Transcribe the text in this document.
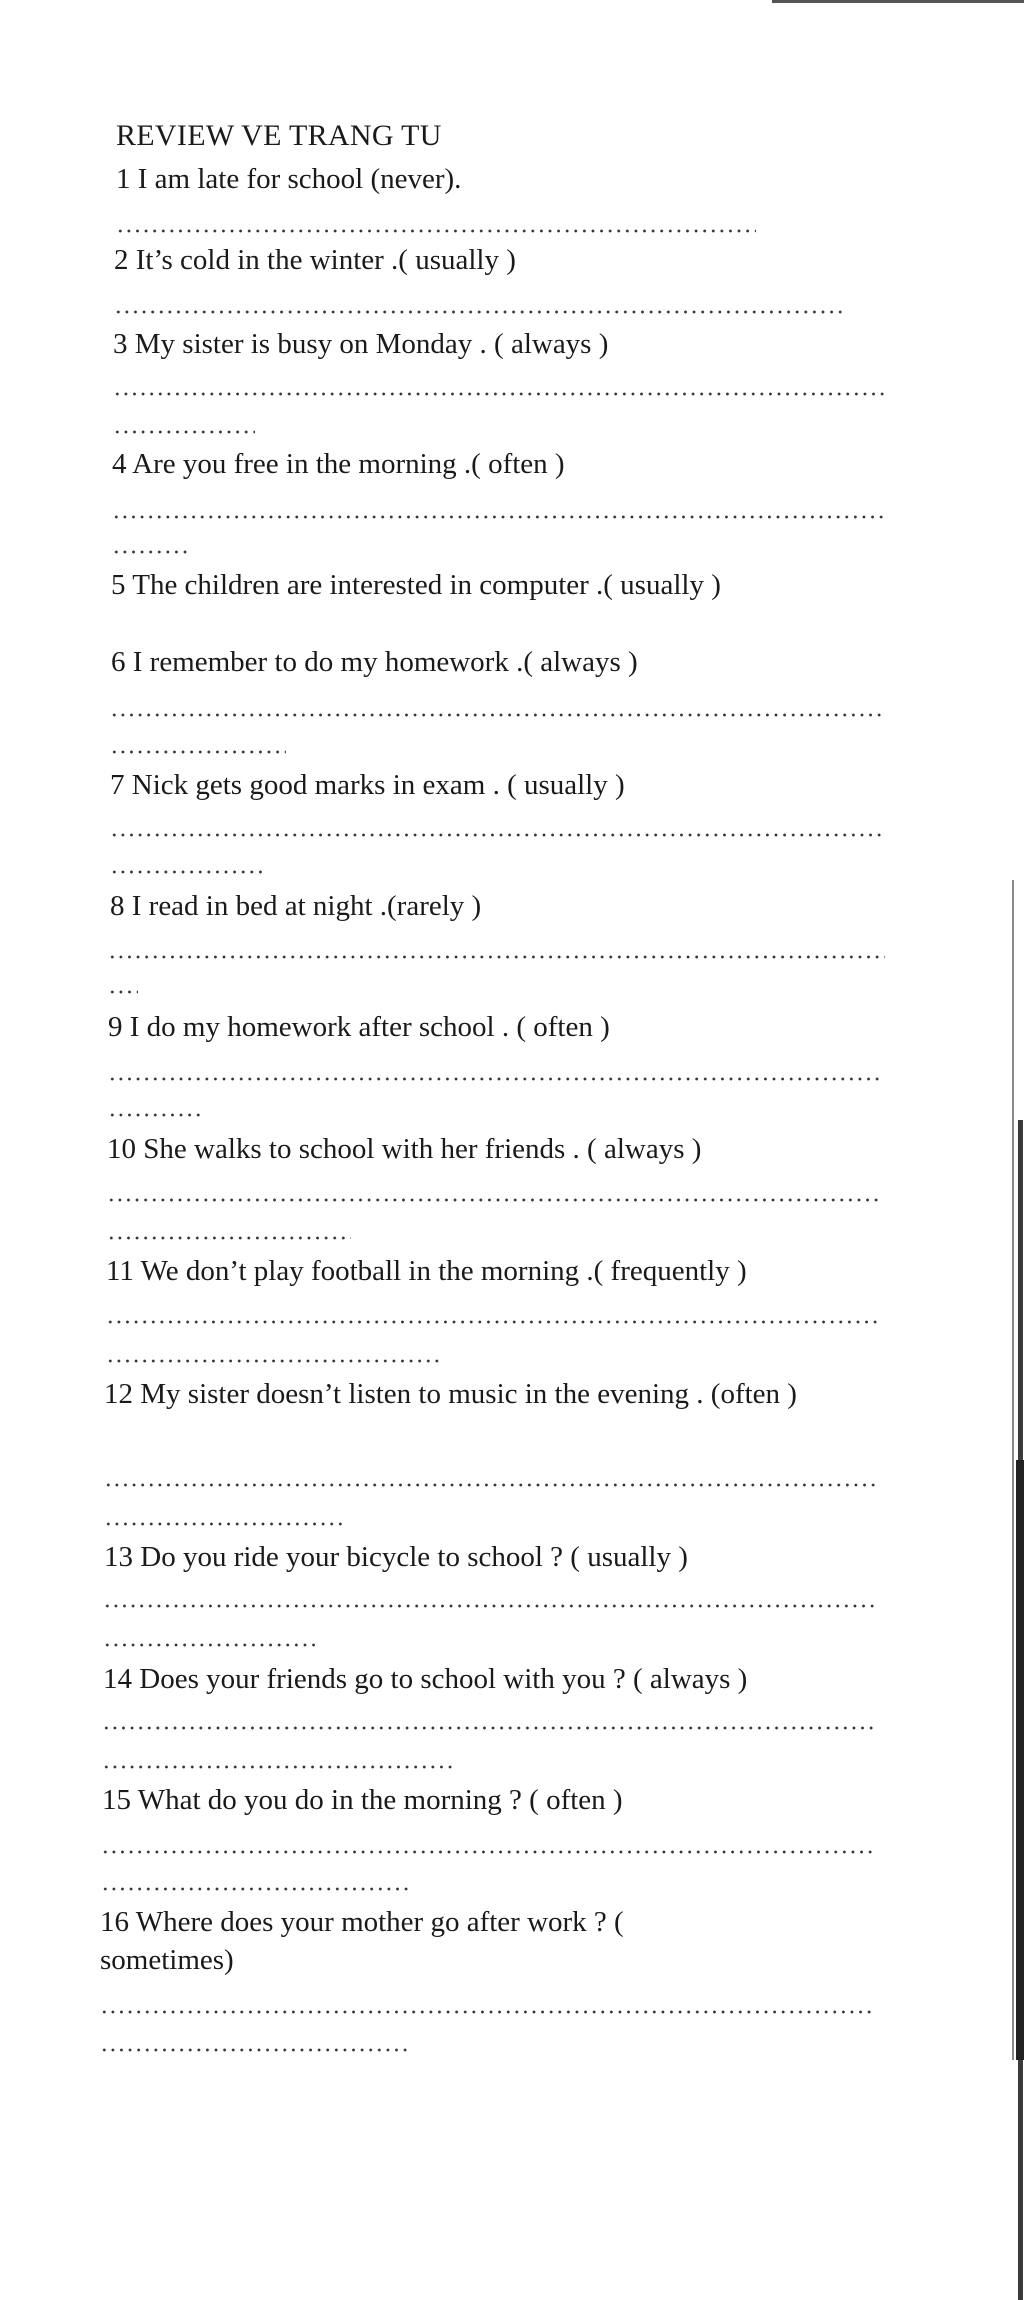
REVIEW VE TRANG TU
1 I am late for school (never).
2 It’s cold in the winter .( usually )
3 My sister is busy on Monday . ( always )
4 Are you free in the morning .( often )
5 The children are interested in computer .( usually )
6 I remember to do my homework .( always )
7 Nick gets good marks in exam . ( usually )
8 I read in bed at night .(rarely )
9 I do my homework after school . ( often )
10 She walks to school with her friends . ( always )
11 We don’t play football in the morning .( frequently )
12 My sister doesn’t listen to music in the evening . (often )
13 Do you ride your bicycle to school ? ( usually )
14 Does your friends go to school with you ? ( always )
15 What do you do in the morning ? ( often )
16 Where does your mother go after work ? ( sometimes)
